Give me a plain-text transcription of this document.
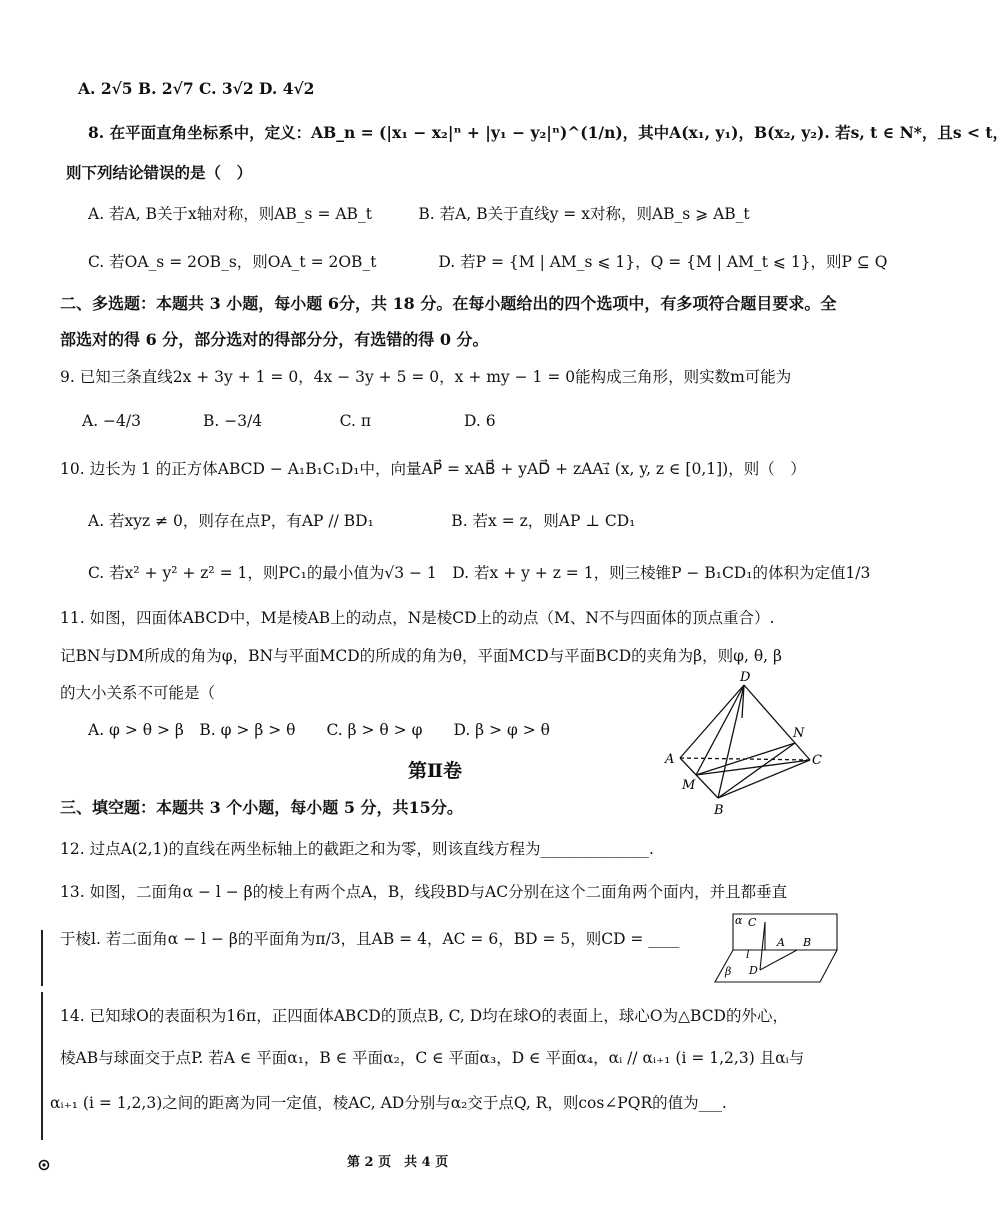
A. 2√5 B. 2√7 C. 3√2 D. 4√2
8. 在平面直角坐标系中，定义：AB_n = (|x₁ − x₂|ⁿ + |y₁ − y₂|ⁿ)^(1/n)，其中A(x₁, y₁)，B(x₂, y₂). 若s, t ∈ N*，且s < t，
则下列结论错误的是（　）
A. 若A, B关于x轴对称，则AB_s = AB_t　　　B. 若A, B关于直线y = x对称，则AB_s ⩾ AB_t
C. 若OA_s = 2OB_s，则OA_t = 2OB_t　　　　D. 若P = {M | AM_s ⩽ 1}，Q = {M | AM_t ⩽ 1}，则P ⊆ Q
二、多选题：本题共 3 小题，每小题 6分，共 18 分。在每小题给出的四个选项中，有多项符合题目要求。全
部选对的得 6 分，部分选对的得部分分，有选错的得 0 分。
9. 已知三条直线2x + 3y + 1 = 0，4x − 3y + 5 = 0，x + my − 1 = 0能构成三角形，则实数m可能为
A. −4/3　　　　B. −3/4　　　　　C. π　　　　　　D. 6
10. 边长为 1 的正方体ABCD − A₁B₁C₁D₁中，向量AP⃗ = xAB⃗ + yAD⃗ + zAA₁⃗ (x, y, z ∈ [0,1])，则（　）
A. 若xyz ≠ 0，则存在点P，有AP // BD₁　　　　　B. 若x = z，则AP ⊥ CD₁
C. 若x² + y² + z² = 1，则PC₁的最小值为√3 − 1　D. 若x + y + z = 1，则三棱锥P − B₁CD₁的体积为定值1/3
11. 如图，四面体ABCD中，M是棱AB上的动点，N是棱CD上的动点（M、N不与四面体的顶点重合）.
记BN与DM所成的角为φ，BN与平面MCD的所成的角为θ，平面MCD与平面BCD的夹角为β，则φ, θ, β
的大小关系不可能是（
A. φ > θ > β　B. φ > β > θ　　C. β > θ > φ　　D. β > φ > θ
D
A	C
B
M
N
第Ⅱ卷
三、填空题：本题共 3 个小题，每小题 5 分，共15分。
12. 过点A(2,1)的直线在两坐标轴上的截距之和为零，则该直线方程为______________.
13. 如图，二面角α − l − β的棱上有两个点A，B，线段BD与AC分别在这个二面角两个面内，并且都垂直
于棱l. 若二面角α − l − β的平面角为π/3，且AB = 4，AC = 6，BD = 5，则CD = ____
α C
A B
l
D
β
14. 已知球O的表面积为16π，正四面体ABCD的顶点B, C, D均在球O的表面上，球心O为△BCD的外心，
棱AB与球面交于点P. 若A ∈ 平面α₁，B ∈ 平面α₂，C ∈ 平面α₃，D ∈ 平面α₄，αᵢ // αᵢ₊₁ (i = 1,2,3) 且αᵢ与
αᵢ₊₁ (i = 1,2,3)之间的距离为同一定值，棱AC, AD分别与α₂交于点Q, R，则cos∠PQR的值为___.
第 2 页　共 4 页
